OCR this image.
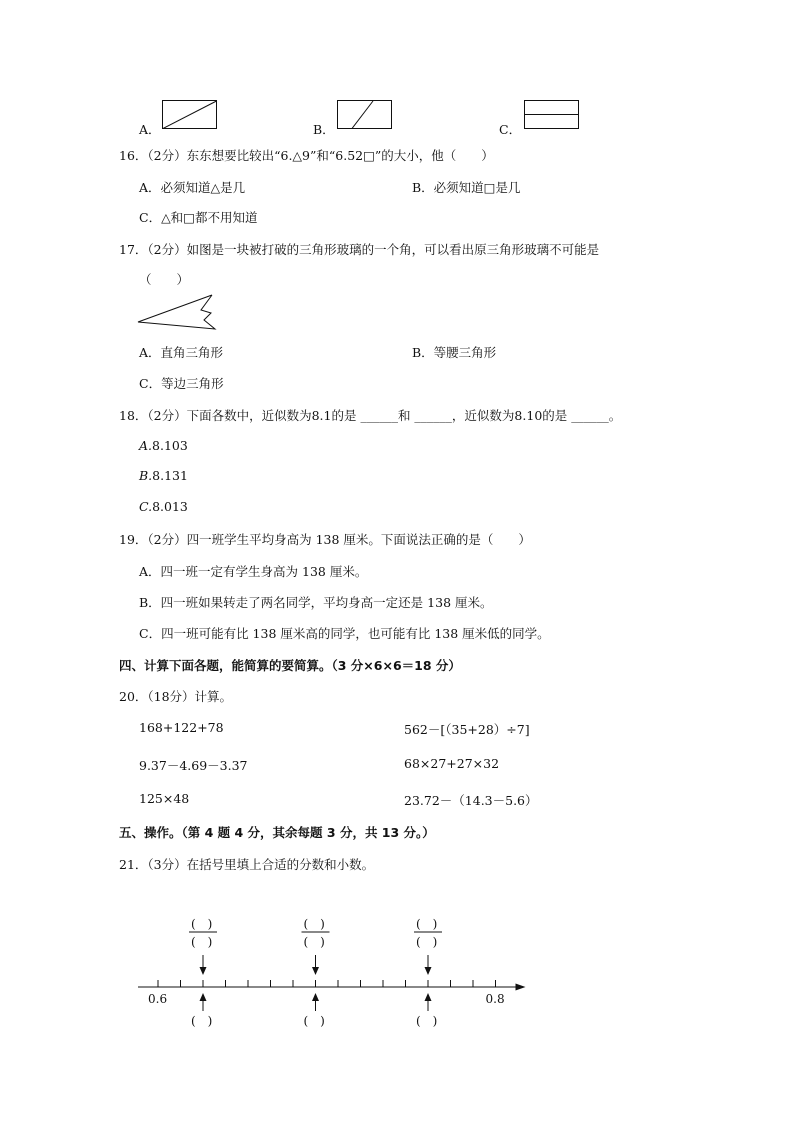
A．	B．	C．
16．（2分）东东想要比较出“6.△9”和“6.52□”的大小，他（　　）
A．必须知道△是几	B．必须知道□是几
C．△和□都不用知道
17．（2分）如图是一块被打破的三角形玻璃的一个角，可以看出原三角形玻璃不可能是
（　　）
A．直角三角形	B．等腰三角形
C．等边三角形
18．（2分）下面各数中，近似数为8.1的是 ______和 ______，近似数为8.10的是 ______。
A.8.103
B.8.131
C.8.013
19．（2分）四一班学生平均身高为 138 厘米。下面说法正确的是（　　）
A．四一班一定有学生身高为 138 厘米。
B．四一班如果转走了两名同学，平均身高一定还是 138 厘米。
C．四一班可能有比 138 厘米高的同学，也可能有比 138 厘米低的同学。
四、计算下面各题，能简算的要简算。（3 分×6×6＝18 分）
20．（18分）计算。
168+122+78	562－[（35+28）÷7]
9.37－4.69－3.37	68×27+27×32
125×48	23.72－（14.3－5.6）
五、操作。（第 4 题 4 分，其余每题 3 分，共 13 分。）
21．（3分）在括号里填上合适的分数和小数。
0.6	0.8
(　)
(　)
(　)
(　)
(　)
(　)
(　)
(　)
(　)
